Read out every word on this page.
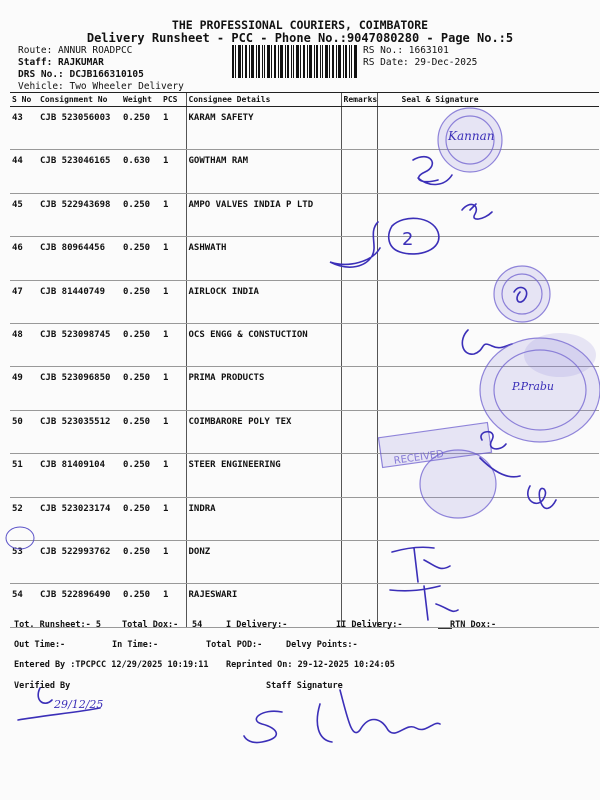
THE PROFESSIONAL COURIERS, COIMBATORE
Delivery Runsheet - PCC - Phone No.:9047080280 - Page No.:5
Route: ANNUR ROADPCC
Staff: RAJKUMAR
DRS No.: DCJB166310105
Vehicle: Two Wheeler Delivery
RS No.: 1663101
RS Date: 29-Dec-2025
S No	Consignment No	Weight	PCS	Consignee Details	Remarks	Seal & Signature
43	CJB 523056003	0.250	1	KARAM SAFETY		
44	CJB 523046165	0.630	1	GOWTHAM RAM		
45	CJB 522943698	0.250	1	AMPO VALVES INDIA P LTD		
46	CJB 80964456	0.250	1	ASHWATH		
47	CJB 81440749	0.250	1	AIRLOCK INDIA		
48	CJB 523098745	0.250	1	OCS ENGG & CONSTUCTION		
49	CJB 523096850	0.250	1	PRIMA PRODUCTS		
50	CJB 523035512	0.250	1	COIMBARORE POLY TEX		
51	CJB 81409104	0.250	1	STEER ENGINEERING		
52	CJB 523023174	0.250	1	INDRA		
53	CJB 522993762	0.250	1	DONZ		
54	CJB 522896490	0.250	1	RAJESWARI		
Tot. Runsheet:- 5 Total Dox:- 54	I Delivery:-	II Delivery:-	RTN Dox:-
Out Time:-	In Time:-	Total POD:-	Delvy Points:-
Entered By :TPCPCC 12/29/2025 10:19:11 Reprinted On: 29-12-2025 10:24:05
Verified By	Staff Signature
Kannan
2
P.Prabu
RECEIVED
29/12/25
